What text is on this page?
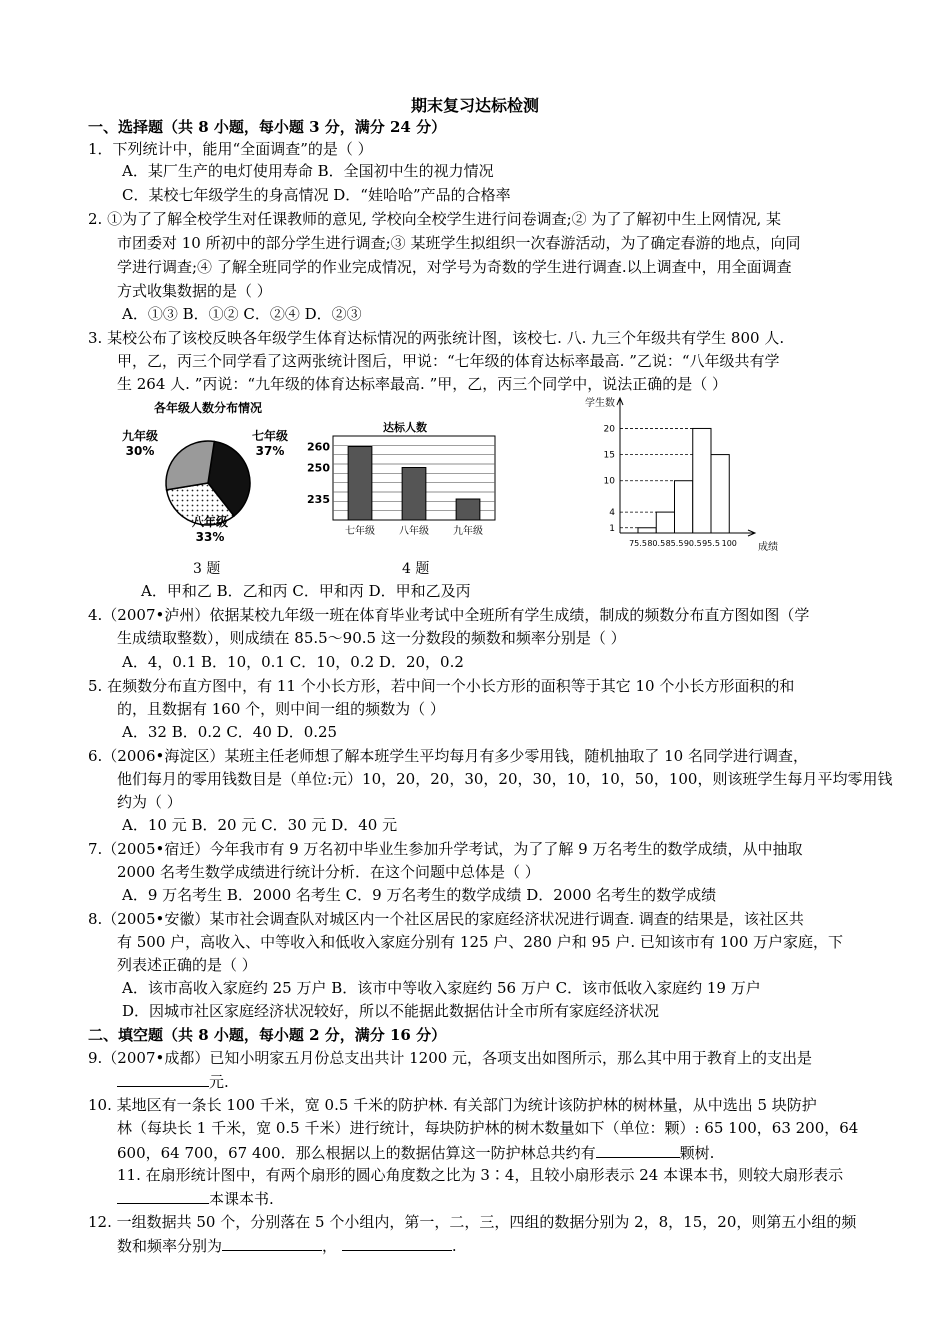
期末复习达标检测
一、选择题（共 8 小题，每小题 3 分，满分 24 分）
1．下列统计中，能用“全面调查”的是（ ）
A．某厂生产的电灯使用寿命 B．全国初中生的视力情况
C．某校七年级学生的身高情况 D．“娃哈哈”产品的合格率
2. ①为了了解全校学生对任课教师的意见, 学校向全校学生进行问卷调查;② 为了了解初中生上网情况, 某
市团委对 10 所初中的部分学生进行调查;③ 某班学生拟组织一次春游活动，为了确定春游的地点，向同
学进行调查;④ 了解全班同学的作业完成情况，对学号为奇数的学生进行调查.以上调查中，用全面调查
方式收集数据的是（ ）
A．①③ B．①② C．②④ D．②③
3. 某校公布了该校反映各年级学生体育达标情况的两张统计图，该校七. 八. 九三个年级共有学生 800 人.
甲，乙，丙三个同学看了这两张统计图后，甲说：“七年级的体育达标率最高. ”乙说：“八年级共有学
生 264 人. ”丙说：“九年级的体育达标率最高. ”甲，乙，丙三个同学中，说法正确的是（ ）
A．甲和乙 B．乙和丙 C．甲和丙 D．甲和乙及丙
4.（2007•泸州）依据某校九年级一班在体育毕业考试中全班所有学生成绩，制成的频数分布直方图如图（学
生成绩取整数），则成绩在 85.5～90.5 这一分数段的频数和频率分别是（ ）
A．4，0.1 B．10，0.1 C．10，0.2 D．20，0.2
5. 在频数分布直方图中，有 11 个小长方形，若中间一个小长方形的面积等于其它 10 个小长方形面积的和
的，且数据有 160 个，则中间一组的频数为（ ）
A．32 B．0.2 C．40 D．0.25
6.（2006•海淀区）某班主任老师想了解本班学生平均每月有多少零用钱，随机抽取了 10 名同学进行调查，
他们每月的零用钱数目是（单位:元）10，20，20，30，20，30，10，10，50，100，则该班学生每月平均零用钱
约为（ ）
A．10 元 B．20 元 C．30 元 D．40 元
7.（2005•宿迁）今年我市有 9 万名初中毕业生参加升学考试，为了了解 9 万名考生的数学成绩，从中抽取
2000 名考生数学成绩进行统计分析．在这个问题中总体是（ ）
A．9 万名考生 B．2000 名考生 C．9 万名考生的数学成绩 D．2000 名考生的数学成绩
8.（2005•安徽）某市社会调查队对城区内一个社区居民的家庭经济状况进行调查. 调查的结果是，该社区共
有 500 户，高收入、中等收入和低收入家庭分别有 125 户、280 户和 95 户. 已知该市有 100 万户家庭，下
列表述正确的是（ ）
A．该市高收入家庭约 25 万户 B．该市中等收入家庭约 56 万户 C．该市低收入家庭约 19 万户
D．因城市社区家庭经济状况较好，所以不能据此数据估计全市所有家庭经济状况
二、填空题（共 8 小题，每小题 2 分，满分 16 分）
9.（2007•成都）已知小明家五月份总支出共计 1200 元，各项支出如图所示，那么其中用于教育上的支出是
10. 某地区有一条长 100 千米，宽 0.5 千米的防护林. 有关部门为统计该防护林的树林量，从中选出 5 块防护
林（每块长 1 千米，宽 0.5 千米）进行统计，每块防护林的树木数量如下（单位：颗）: 65 100，63 200，64
11. 在扇形统计图中，有两个扇形的圆心角度数之比为 3∶4，且较小扇形表示 24 本课本书，则较大扇形表示
12. 一组数据共 50 个，分别落在 5 个小组内，第一，二，三，四组的数据分别为 2，8，15，20，则第五小组的频
元.
600，64 700，67 400．那么根据以上的数据估算这一防护林总共约有	颗树.
本课本书.
数和频率分别为	，	.
各年级人数分布情况
七年级
37%
八年级
33%
九年级
30%
达标人数
260
250
235
七年级 八年级 九年级
3 题	4 题
1
4
10
15
20
75.5 80.5 85.5 90.5 95.5 100
学生数
成绩
